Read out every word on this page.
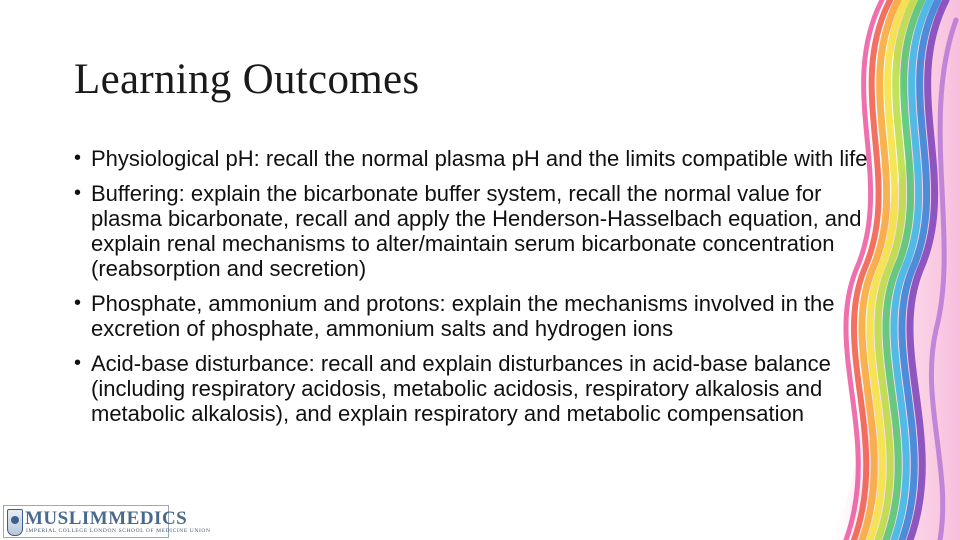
Learning Outcomes
• Physiological pH: recall the normal plasma pH and the limits compatible with life
• Buffering: explain the bicarbonate buffer system, recall the normal value for plasma bicarbonate, recall and apply the Henderson-Hasselbach equation, and explain renal mechanisms to alter/maintain serum bicarbonate concentration (reabsorption and secretion)
• Phosphate, ammonium and protons: explain the mechanisms involved in the excretion of phosphate, ammonium salts and hydrogen ions
• Acid-base disturbance: recall and explain disturbances in acid-base balance (including respiratory acidosis, metabolic acidosis, respiratory alkalosis and metabolic alkalosis), and explain respiratory and metabolic compensation
MUSLIMMEDICS
IMPERIAL COLLEGE LONDON SCHOOL OF MEDICINE UNION
